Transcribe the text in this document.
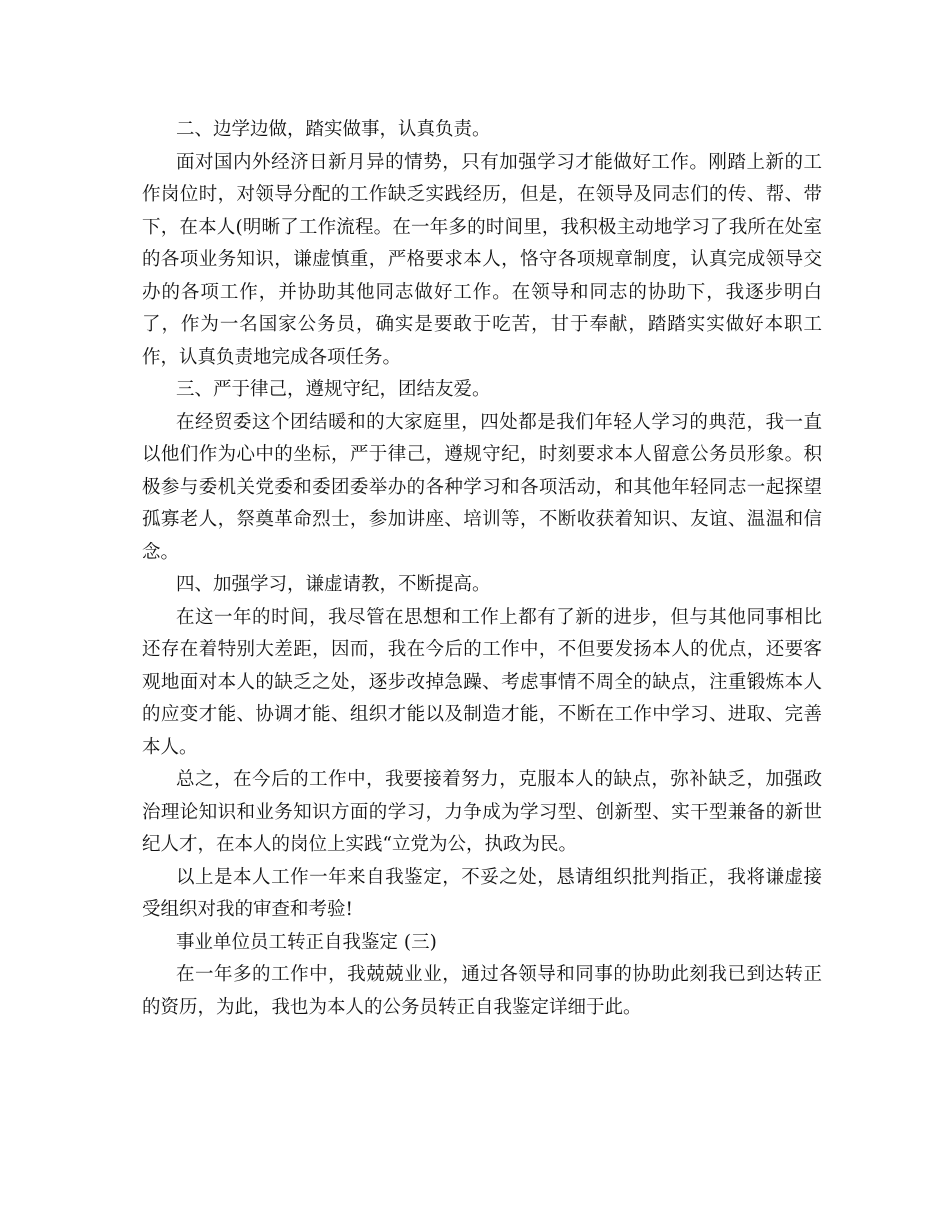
二、边学边做，踏实做事，认真负责。

面对国内外经济日新月异的情势，只有加强学习才能做好工作。刚踏上新的工作岗位时，对领导分配的工作缺乏实践经历，但是，在领导及同志们的传、帮、带下，在本人(明晰了工作流程。在一年多的时间里，我积极主动地学习了我所在处室的各项业务知识，谦虚慎重，严格要求本人，恪守各项规章制度，认真完成领导交办的各项工作，并协助其他同志做好工作。在领导和同志的协助下，我逐步明白了，作为一名国家公务员，确实是要敢于吃苦，甘于奉献，踏踏实实做好本职工作，认真负责地完成各项任务。

三、严于律己，遵规守纪，团结友爱。

在经贸委这个团结暖和的大家庭里，四处都是我们年轻人学习的典范，我一直以他们作为心中的坐标，严于律己，遵规守纪，时刻要求本人留意公务员形象。积极参与委机关党委和委团委举办的各种学习和各项活动，和其他年轻同志一起探望孤寡老人，祭奠革命烈士，参加讲座、培训等，不断收获着知识、友谊、温温和信念。

四、加强学习，谦虚请教，不断提高。

在这一年的时间，我尽管在思想和工作上都有了新的进步，但与其他同事相比还存在着特别大差距，因而，我在今后的工作中，不但要发扬本人的优点，还要客观地面对本人的缺乏之处，逐步改掉急躁、考虑事情不周全的缺点，注重锻炼本人的应变才能、协调才能、组织才能以及制造才能，不断在工作中学习、进取、完善本人。

总之，在今后的工作中，我要接着努力，克服本人的缺点，弥补缺乏，加强政治理论知识和业务知识方面的学习，力争成为学习型、创新型、实干型兼备的新世纪人才，在本人的岗位上实践“立党为公，执政为民。

以上是本人工作一年来自我鉴定，不妥之处，恳请组织批判指正，我将谦虚接受组织对我的审查和考验!

事业单位员工转正自我鉴定 (三)

在一年多的工作中，我兢兢业业，通过各领导和同事的协助此刻我已到达转正的资历，为此，我也为本人的公务员转正自我鉴定详细于此。
